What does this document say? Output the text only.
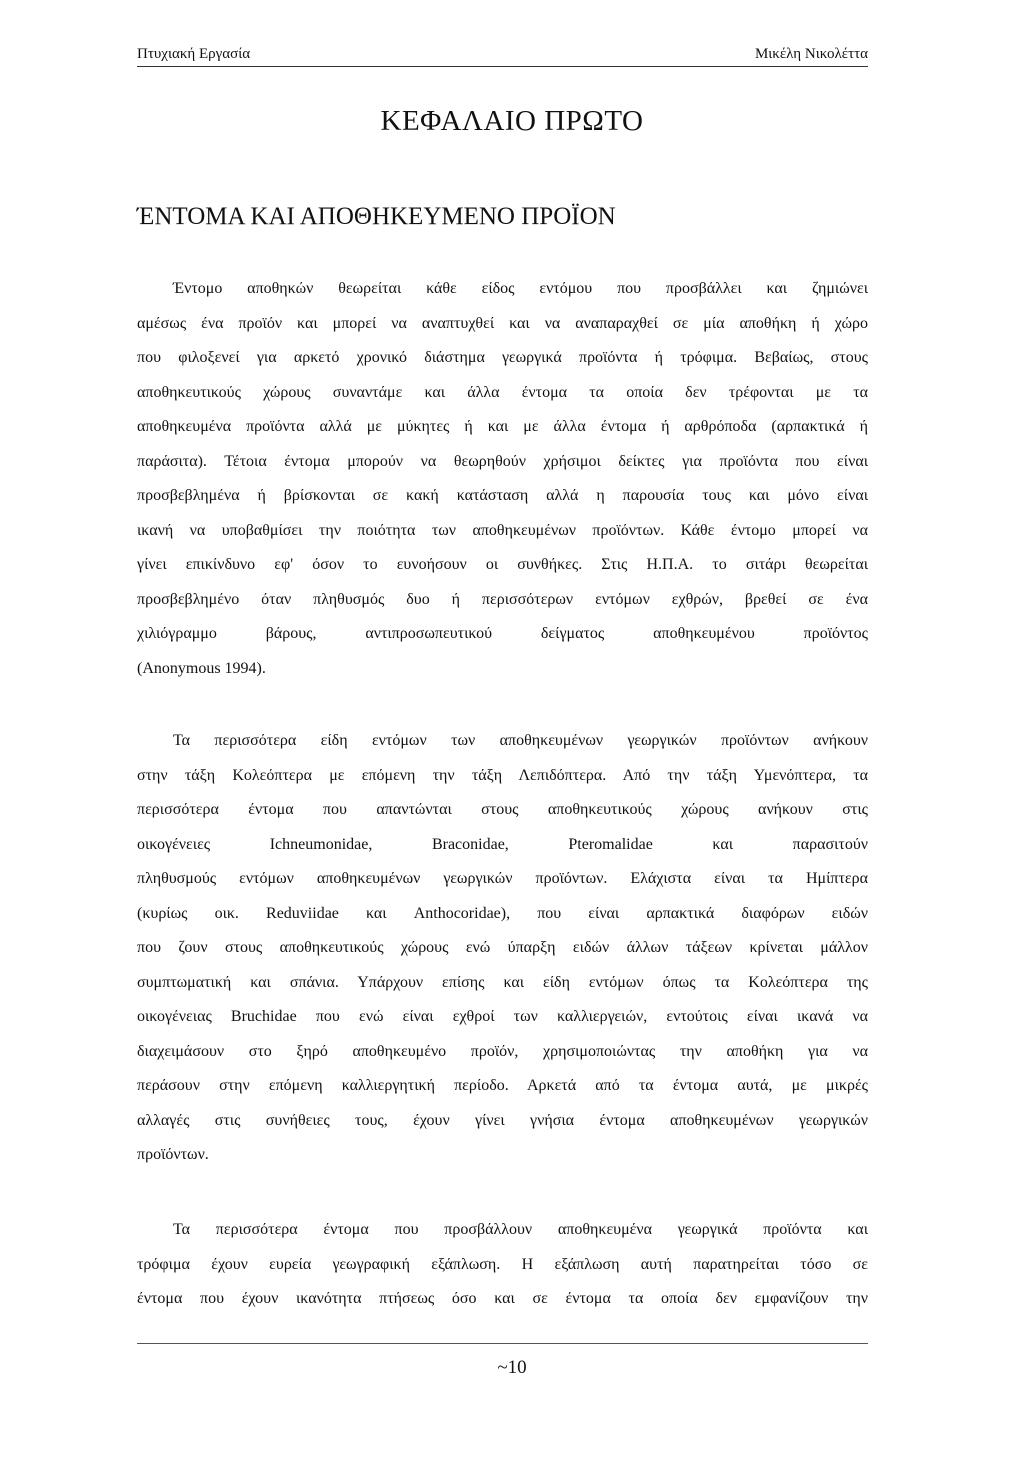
Πτυχιακή Εργασία	Μικέλη Νικολέττα
ΚΕΦΑΛΑΙΟ ΠΡΩΤΟ
ΈΝΤΟΜΑ ΚΑΙ ΑΠΟΘΗΚΕΥΜΕΝΟ ΠΡΟΪΟΝ
Έντομο αποθηκών θεωρείται κάθε είδος εντόμου που προσβάλλει και ζημιώνει
αμέσως ένα προϊόν και μπορεί να αναπτυχθεί και να αναπαραχθεί σε μία αποθήκη ή χώρο
που φιλοξενεί για αρκετό χρονικό διάστημα γεωργικά προϊόντα ή τρόφιμα. Βεβαίως, στους
αποθηκευτικούς χώρους συναντάμε και άλλα έντομα τα οποία δεν τρέφονται με τα
αποθηκευμένα προϊόντα αλλά με μύκητες ή και με άλλα έντομα ή αρθρόποδα (αρπακτικά ή
παράσιτα). Τέτοια έντομα μπορούν να θεωρηθούν χρήσιμοι δείκτες για προϊόντα που είναι
προσβεβλημένα ή βρίσκονται σε κακή κατάσταση αλλά η παρουσία τους και μόνο είναι
ικανή να υποβαθμίσει την ποιότητα των αποθηκευμένων προϊόντων. Κάθε έντομο μπορεί να
γίνει επικίνδυνο εφ' όσον το ευνοήσουν οι συνθήκες. Στις Η.Π.Α. το σιτάρι θεωρείται
προσβεβλημένο όταν πληθυσμός δυο ή περισσότερων εντόμων εχθρών, βρεθεί σε ένα
χιλιόγραμμο βάρους, αντιπροσωπευτικού δείγματος αποθηκευμένου προϊόντος
(Anonymous 1994).
Τα περισσότερα είδη εντόμων των αποθηκευμένων γεωργικών προϊόντων ανήκουν
στην τάξη Κολεόπτερα με επόμενη την τάξη Λεπιδόπτερα. Από την τάξη Υμενόπτερα, τα
περισσότερα έντομα που απαντώνται στους αποθηκευτικούς χώρους ανήκουν στις
οικογένειες Ichneumonidae, Braconidae, Pteromalidae και παρασιτούν
πληθυσμούς εντόμων αποθηκευμένων γεωργικών προϊόντων. Ελάχιστα είναι τα Ημίπτερα
(κυρίως οικ. Reduviidae και Anthocoridae), που είναι αρπακτικά διαφόρων ειδών
που ζουν στους αποθηκευτικούς χώρους ενώ ύπαρξη ειδών άλλων τάξεων κρίνεται μάλλον
συμπτωματική και σπάνια. Υπάρχουν επίσης και είδη εντόμων όπως τα Κολεόπτερα της
οικογένειας Bruchidae που ενώ είναι εχθροί των καλλιεργειών, εντούτοις είναι ικανά να
διαχειμάσουν στο ξηρό αποθηκευμένο προϊόν, χρησιμοποιώντας την αποθήκη για να
περάσουν στην επόμενη καλλιεργητική περίοδο. Αρκετά από τα έντομα αυτά, με μικρές
αλλαγές στις συνήθειες τους, έχουν γίνει γνήσια έντομα αποθηκευμένων γεωργικών
προϊόντων.
Τα περισσότερα έντομα που προσβάλλουν αποθηκευμένα γεωργικά προϊόντα και
τρόφιμα έχουν ευρεία γεωγραφική εξάπλωση. Η εξάπλωση αυτή παρατηρείται τόσο σε
έντομα που έχουν ικανότητα πτήσεως όσο και σε έντομα τα οποία δεν εμφανίζουν την
~10
